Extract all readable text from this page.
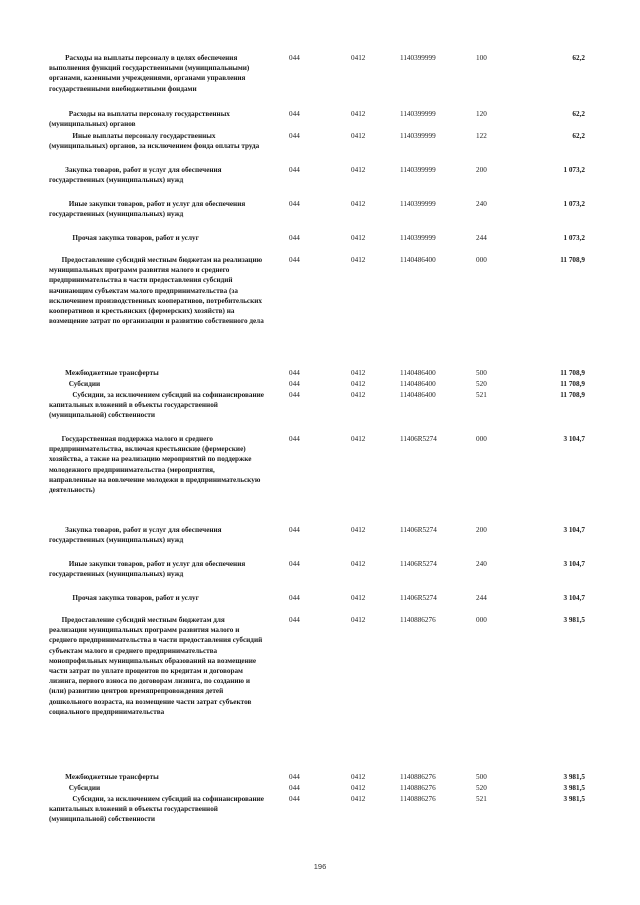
Расходы на выплаты персоналу в целях обеспечения выполнения функций государственными (муниципальными) органами, казенными учреждениями, органами управления государственными внебюджетными фондами
044	0412	1140399999	100	62,2
Расходы на выплаты персоналу государственных (муниципальных) органов
044	0412	1140399999	120	62,2
Иные выплаты персоналу государственных (муниципальных) органов, за исключением фонда оплаты труда
044	0412	1140399999	122	62,2
Закупка товаров, работ и услуг для обеспечения государственных (муниципальных) нужд
044	0412	1140399999	200	1 073,2
Иные закупки товаров, работ и услуг для обеспечения государственных (муниципальных) нужд
044	0412	1140399999	240	1 073,2
Прочая закупка товаров, работ и услуг	044	0412	1140399999	244	1 073,2
Предоставление субсидий местным бюджетам на реализацию муниципальных программ развития малого и среднего предпринимательства в части предоставления субсидий начинающим субъектам малого предпринимательства (за исключением производственных кооперативов, потребительских кооперативов и крестьянских (фермерских) хозяйств) на возмещение затрат по организации и развитию собственного дела
044	0412	1140486400	000	11 708,9
Межбюджетные трансферты	044	0412	1140486400	500	11 708,9
Субсидии	044	0412	1140486400	520	11 708,9
Субсидии, за исключением субсидий на софинансирование капитальных вложений в объекты государственной (муниципальной) собственности
044	0412	1140486400	521	11 708,9
Государственная поддержка малого и среднего предпринимательства, включая крестьянские (фермерские) хозяйства, а также на реализацию мероприятий по поддержке молодежного предпринимательства (мероприятия, направленные на вовлечение молодежи в предпринимательскую деятельность)
044	0412	11406R5274	000	3 104,7
Закупка товаров, работ и услуг для обеспечения государственных (муниципальных) нужд
044	0412	11406R5274	200	3 104,7
Иные закупки товаров, работ и услуг для обеспечения государственных (муниципальных) нужд
044	0412	11406R5274	240	3 104,7
Прочая закупка товаров, работ и услуг	044	0412	11406R5274	244	3 104,7
Предоставление субсидий местным бюджетам для реализации муниципальных программ развития малого и среднего предпринимательства в части предоставления субсидий субъектам малого и среднего предпринимательства монопрофильных муниципальных образований на возмещение части затрат по уплате процентов по кредитам и договорам лизинга, первого взноса по договорам лизинга, по созданию и (или) развитию центров времяпрепровождения детей дошкольного возраста, на возмещение части затрат субъектов социального предпринимательства
044	0412	1140886276	000	3 981,5
Межбюджетные трансферты	044	0412	1140886276	500	3 981,5
Субсидии	044	0412	1140886276	520	3 981,5
Субсидии, за исключением субсидий на софинансирование капитальных вложений в объекты государственной (муниципальной) собственности
044	0412	1140886276	521	3 981,5
196
